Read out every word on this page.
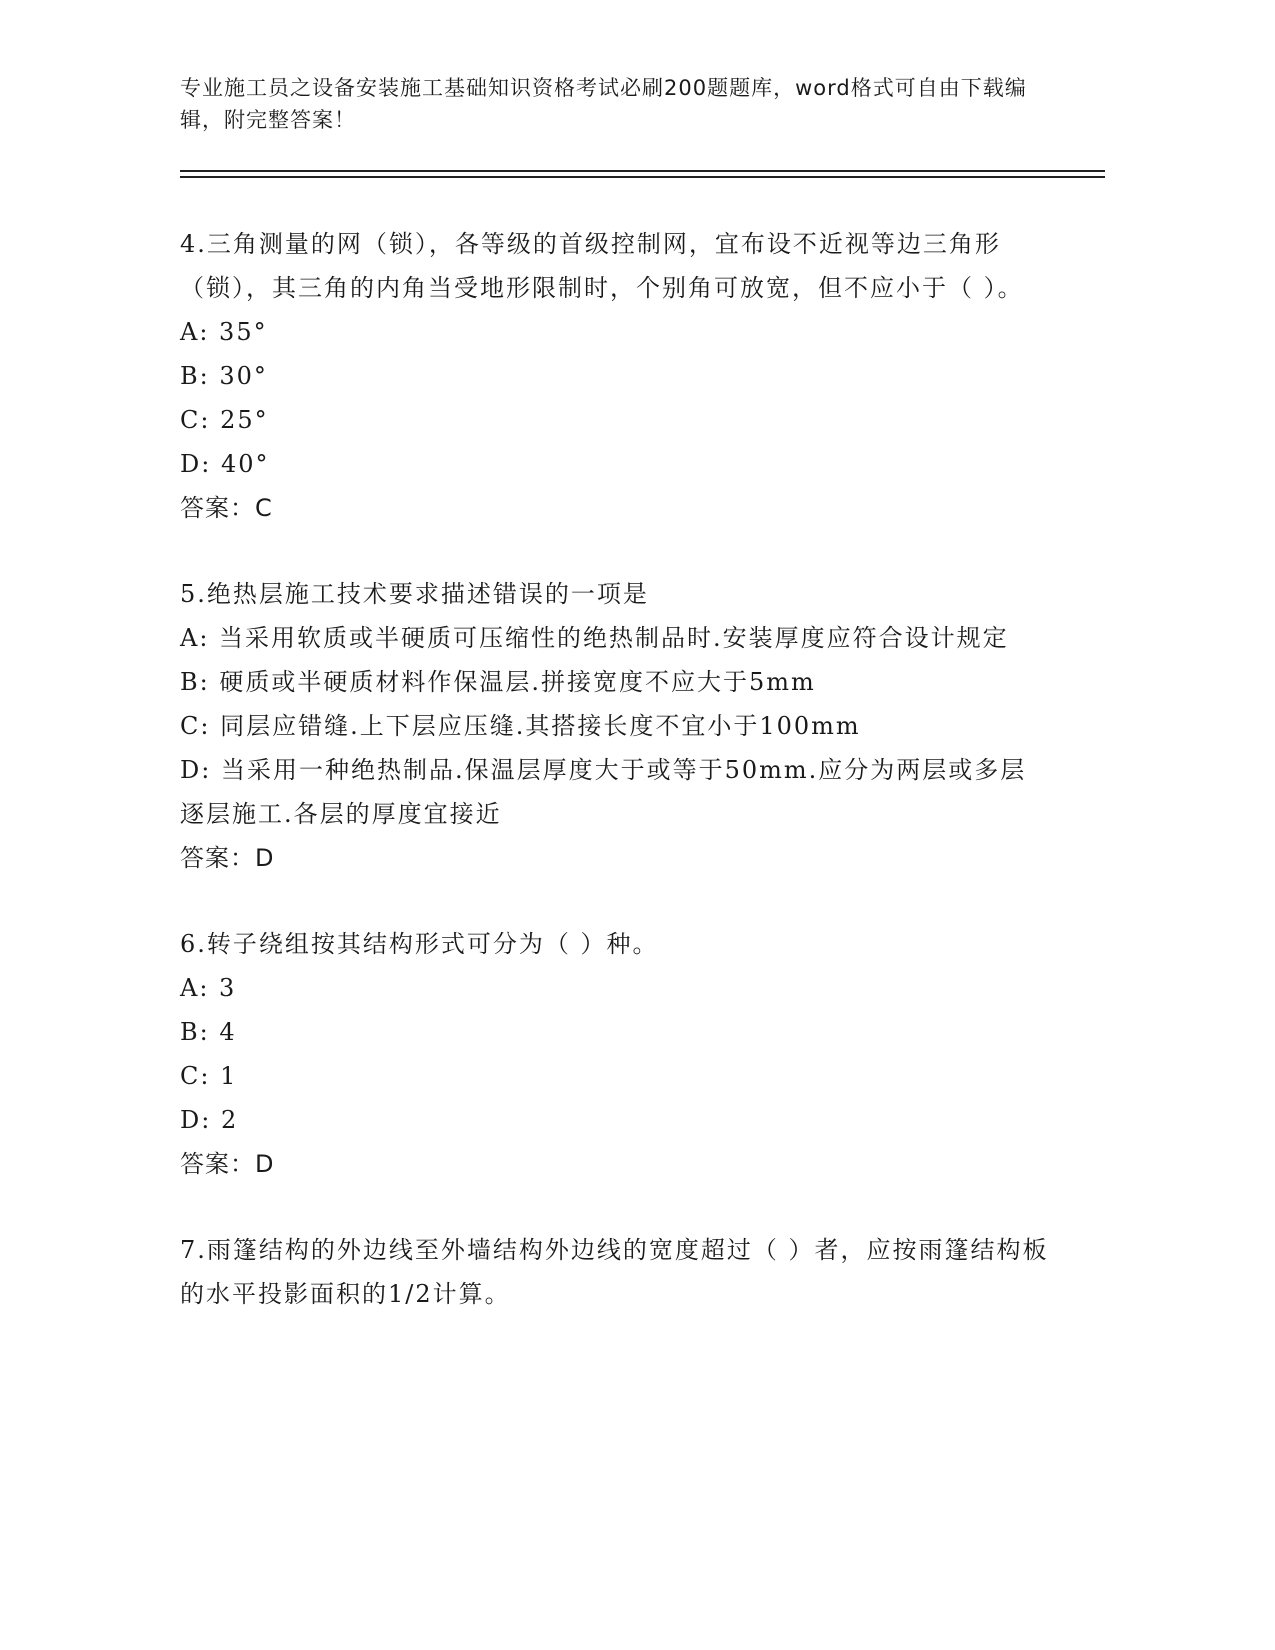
专业施工员之设备安装施工基础知识资格考试必刷200题题库，word格式可自由下载编辑，附完整答案！

4.三角测量的网（锁），各等级的首级控制网，宜布设不近视等边三角形（锁），其三角的内角当受地形限制时，个别角可放宽，但不应小于（ ）。

A: 35°

B: 30°

C: 25°

D: 40°

答案：C

5.绝热层施工技术要求描述错误的一项是

A: 当采用软质或半硬质可压缩性的绝热制品时.安装厚度应符合设计规定

B: 硬质或半硬质材料作保温层.拼接宽度不应大于5mm

C: 同层应错缝.上下层应压缝.其搭接长度不宜小于100mm

D: 当采用一种绝热制品.保温层厚度大于或等于50mm.应分为两层或多层逐层施工.各层的厚度宜接近

答案：D

6.转子绕组按其结构形式可分为（ ）种。

A: 3

B: 4

C: 1

D: 2

答案：D

7.雨篷结构的外边线至外墙结构外边线的宽度超过（ ）者，应按雨篷结构板的水平投影面积的1/2计算。
